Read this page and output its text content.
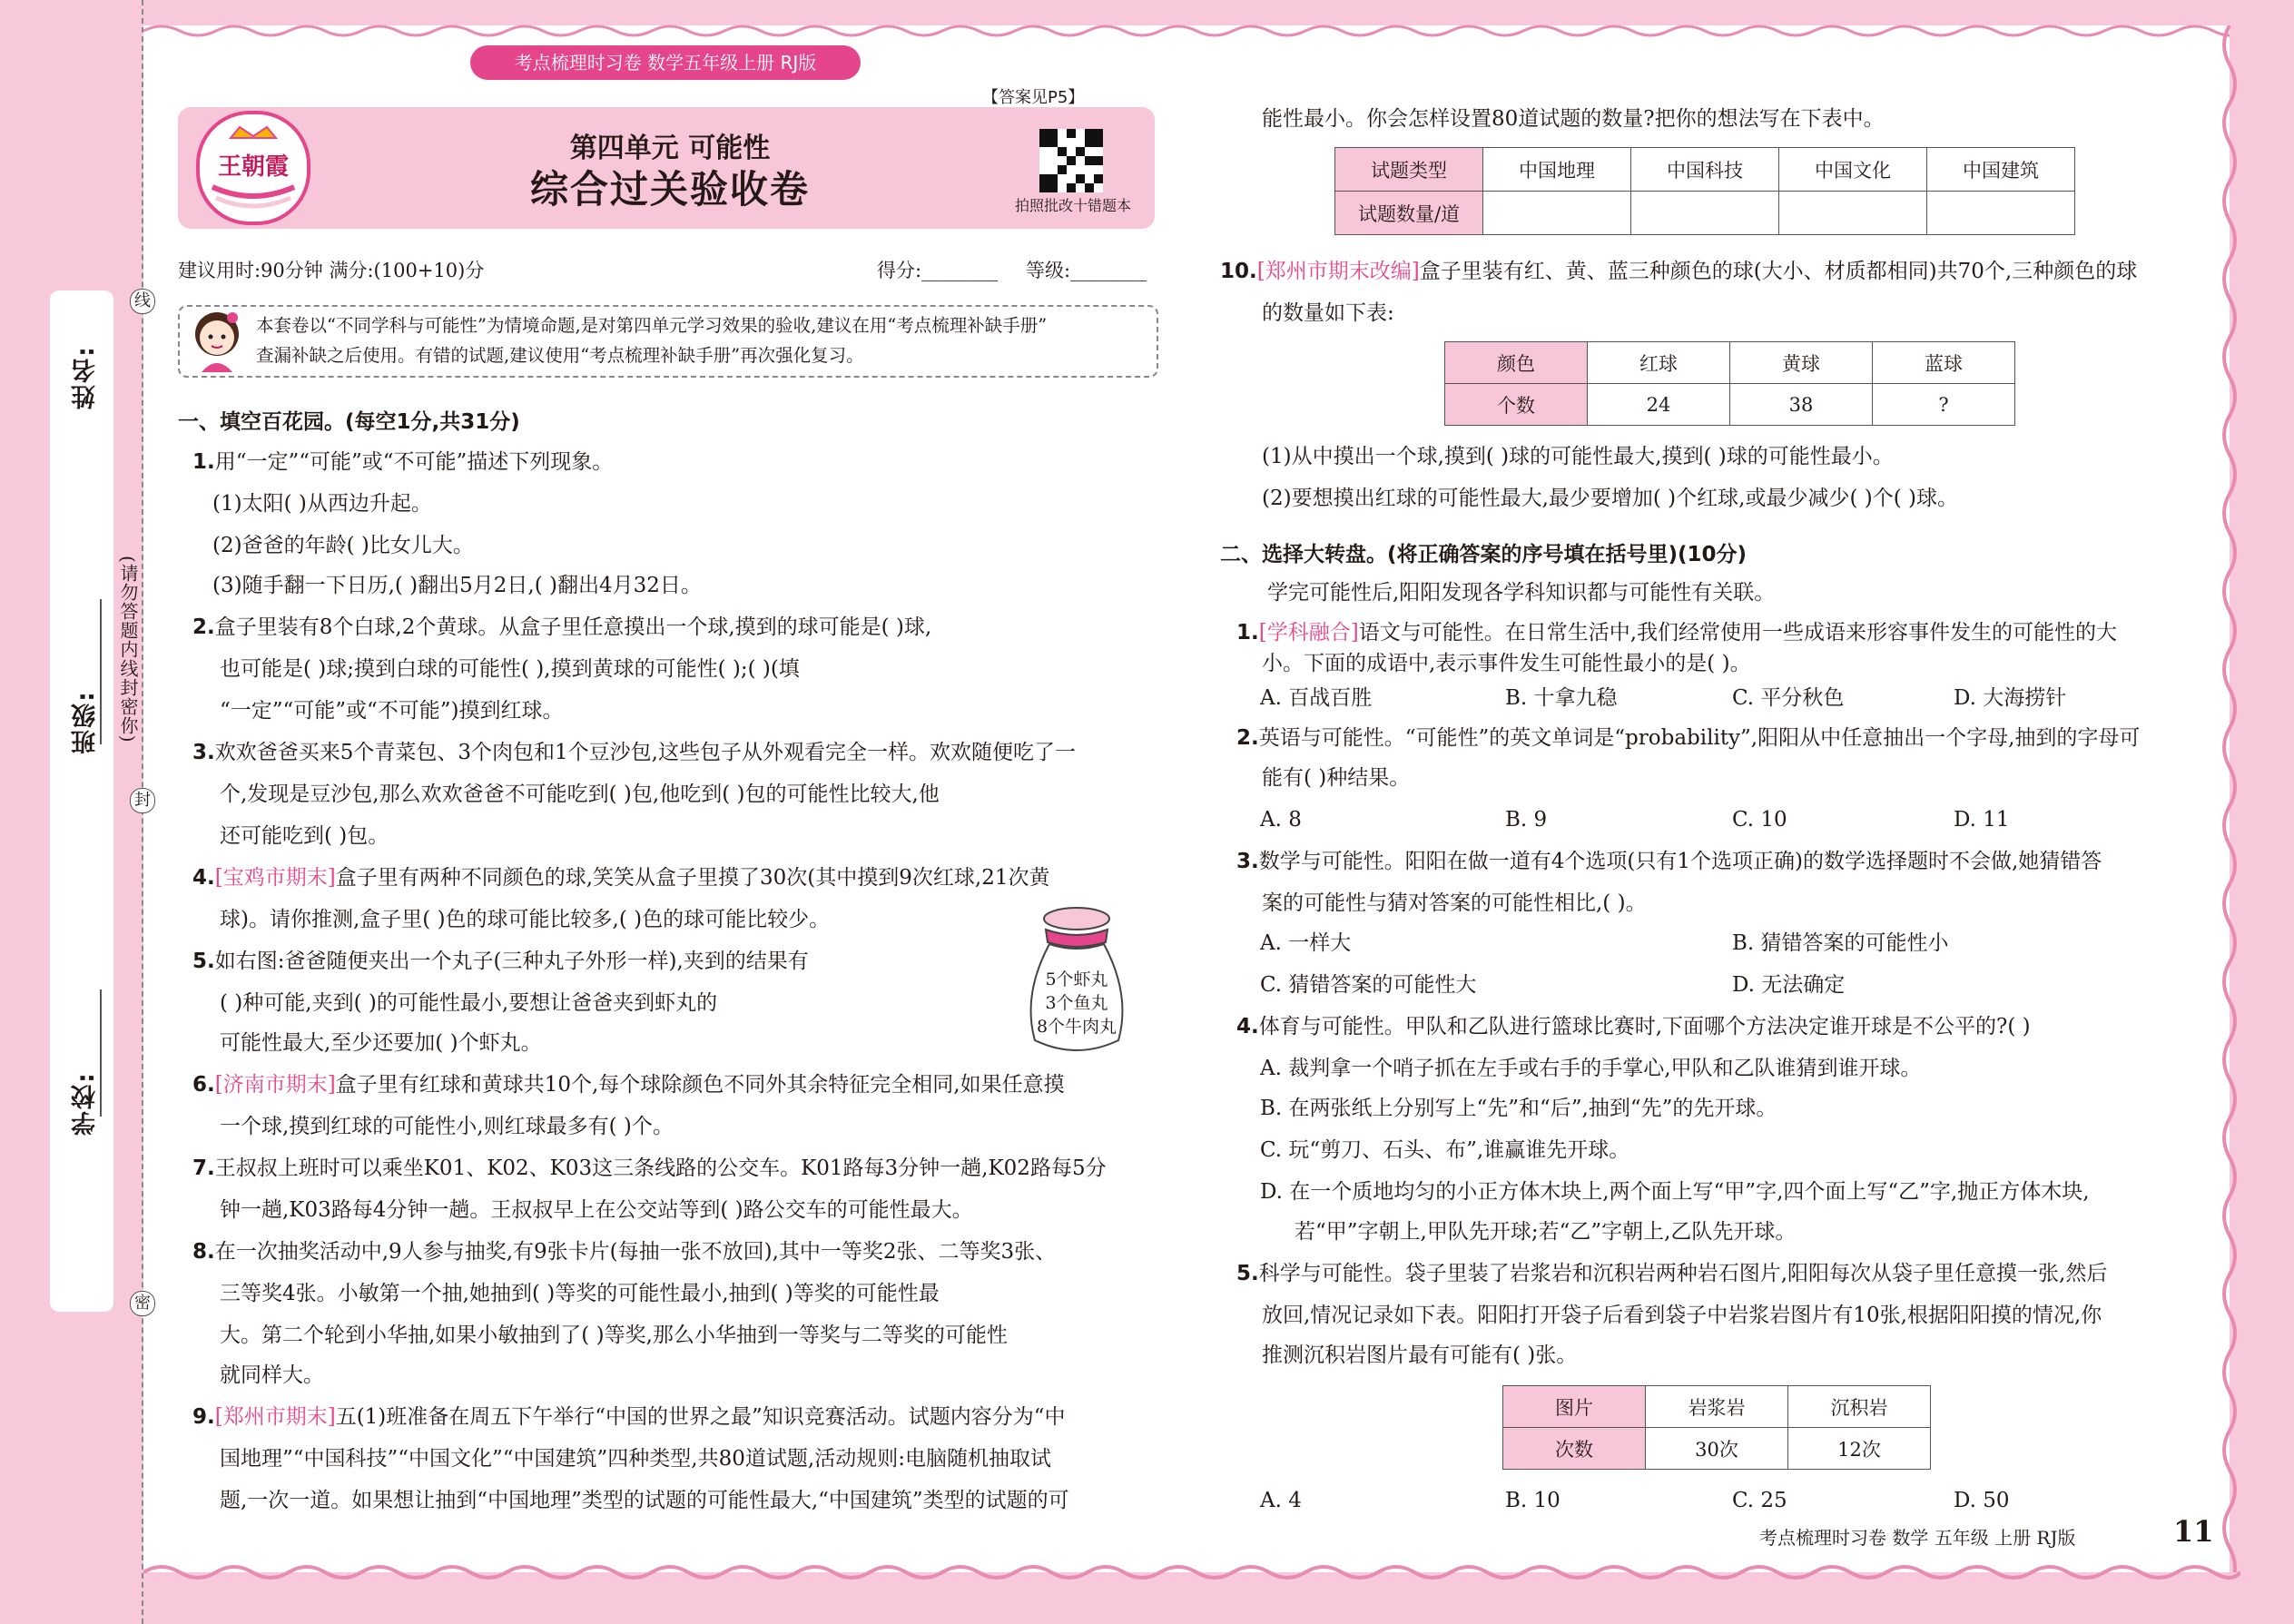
学校:
班级:
姓名:
线
封
密
(请勿答题内线封密你)
考点梳理时习卷 数学五年级上册 RJ版
【答案见P5】
王朝霞
第四单元 可能性
综合过关验收卷	拍照批改十错题本
建议用时:90分钟 满分:(100+10)分	得分:________ 等级:________
本套卷以“不同学科与可能性”为情境命题,是对第四单元学习效果的验收,建议在用“考点梳理补缺手册”
查漏补缺之后使用。有错的试题,建议使用“考点梳理补缺手册”再次强化复习。
一、填空百花园。(每空1分,共31分)
1.用“一定”“可能”或“不可能”描述下列现象。
(1)太阳( )从西边升起。
(2)爸爸的年龄( )比女儿大。
(3)随手翻一下日历,( )翻出5月2日,( )翻出4月32日。
2.盒子里装有8个白球,2个黄球。从盒子里任意摸出一个球,摸到的球可能是( )球,
也可能是( )球;摸到白球的可能性( ),摸到黄球的可能性( );( )(填
“一定”“可能”或“不可能”)摸到红球。
3.欢欢爸爸买来5个青菜包、3个肉包和1个豆沙包,这些包子从外观看完全一样。欢欢随便吃了一
个,发现是豆沙包,那么欢欢爸爸不可能吃到( )包,他吃到( )包的可能性比较大,他
还可能吃到( )包。
4.[宝鸡市期末]盒子里有两种不同颜色的球,笑笑从盒子里摸了30次(其中摸到9次红球,21次黄
球)。请你推测,盒子里( )色的球可能比较多,( )色的球可能比较少。
5.如右图:爸爸随便夹出一个丸子(三种丸子外形一样),夹到的结果有
( )种可能,夹到( )的可能性最小,要想让爸爸夹到虾丸的
可能性最大,至少还要加( )个虾丸。
6.[济南市期末]盒子里有红球和黄球共10个,每个球除颜色不同外其余特征完全相同,如果任意摸
一个球,摸到红球的可能性小,则红球最多有( )个。
7.王叔叔上班时可以乘坐K01、K02、K03这三条线路的公交车。K01路每3分钟一趟,K02路每5分
钟一趟,K03路每4分钟一趟。王叔叔早上在公交站等到( )路公交车的可能性最大。
8.在一次抽奖活动中,9人参与抽奖,有9张卡片(每抽一张不放回),其中一等奖2张、二等奖3张、
三等奖4张。小敏第一个抽,她抽到( )等奖的可能性最小,抽到( )等奖的可能性最
大。第二个轮到小华抽,如果小敏抽到了( )等奖,那么小华抽到一等奖与二等奖的可能性
就同样大。
9.[郑州市期末]五(1)班准备在周五下午举行“中国的世界之最”知识竞赛活动。试题内容分为“中
国地理”“中国科技”“中国文化”“中国建筑”四种类型,共80道试题,活动规则:电脑随机抽取试
题,一次一道。如果想让抽到“中国地理”类型的试题的可能性最大,“中国建筑”类型的试题的可
5个虾丸
3个鱼丸
8个牛肉丸
能性最小。你会怎样设置80道试题的数量?把你的想法写在下表中。
试题类型	中国地理	中国科技	中国文化	中国建筑
试题数量/道				
10.[郑州市期末改编]盒子里装有红、黄、蓝三种颜色的球(大小、材质都相同)共70个,三种颜色的球
的数量如下表:
颜色	红球	黄球	蓝球
个数	24	38	?
(1)从中摸出一个球,摸到( )球的可能性最大,摸到( )球的可能性最小。
(2)要想摸出红球的可能性最大,最少要增加( )个红球,或最少减少( )个( )球。
二、选择大转盘。(将正确答案的序号填在括号里)(10分)
学完可能性后,阳阳发现各学科知识都与可能性有关联。
1.[学科融合]语文与可能性。在日常生活中,我们经常使用一些成语来形容事件发生的可能性的大
小。下面的成语中,表示事件发生可能性最小的是( )。
A. 百战百胜	B. 十拿九稳	C. 平分秋色	D. 大海捞针
2.英语与可能性。“可能性”的英文单词是“probability”,阳阳从中任意抽出一个字母,抽到的字母可
能有( )种结果。
A. 8	B. 9	C. 10	D. 11
3.数学与可能性。阳阳在做一道有4个选项(只有1个选项正确)的数学选择题时不会做,她猜错答
案的可能性与猜对答案的可能性相比,( )。
A. 一样大	B. 猜错答案的可能性小
C. 猜错答案的可能性大	D. 无法确定
4.体育与可能性。甲队和乙队进行篮球比赛时,下面哪个方法决定谁开球是不公平的?( )
A. 裁判拿一个哨子抓在左手或右手的手掌心,甲队和乙队谁猜到谁开球。
B. 在两张纸上分别写上“先”和“后”,抽到“先”的先开球。
C. 玩“剪刀、石头、布”,谁赢谁先开球。
D. 在一个质地均匀的小正方体木块上,两个面上写“甲”字,四个面上写“乙”字,抛正方体木块,
若“甲”字朝上,甲队先开球;若“乙”字朝上,乙队先开球。
5.科学与可能性。袋子里装了岩浆岩和沉积岩两种岩石图片,阳阳每次从袋子里任意摸一张,然后
放回,情况记录如下表。阳阳打开袋子后看到袋子中岩浆岩图片有10张,根据阳阳摸的情况,你
推测沉积岩图片最有可能有( )张。
图片	岩浆岩	沉积岩
次数	30次	12次
A. 4	B. 10	C. 25	D. 50
考点梳理时习卷 数学 五年级 上册 RJ版	11
